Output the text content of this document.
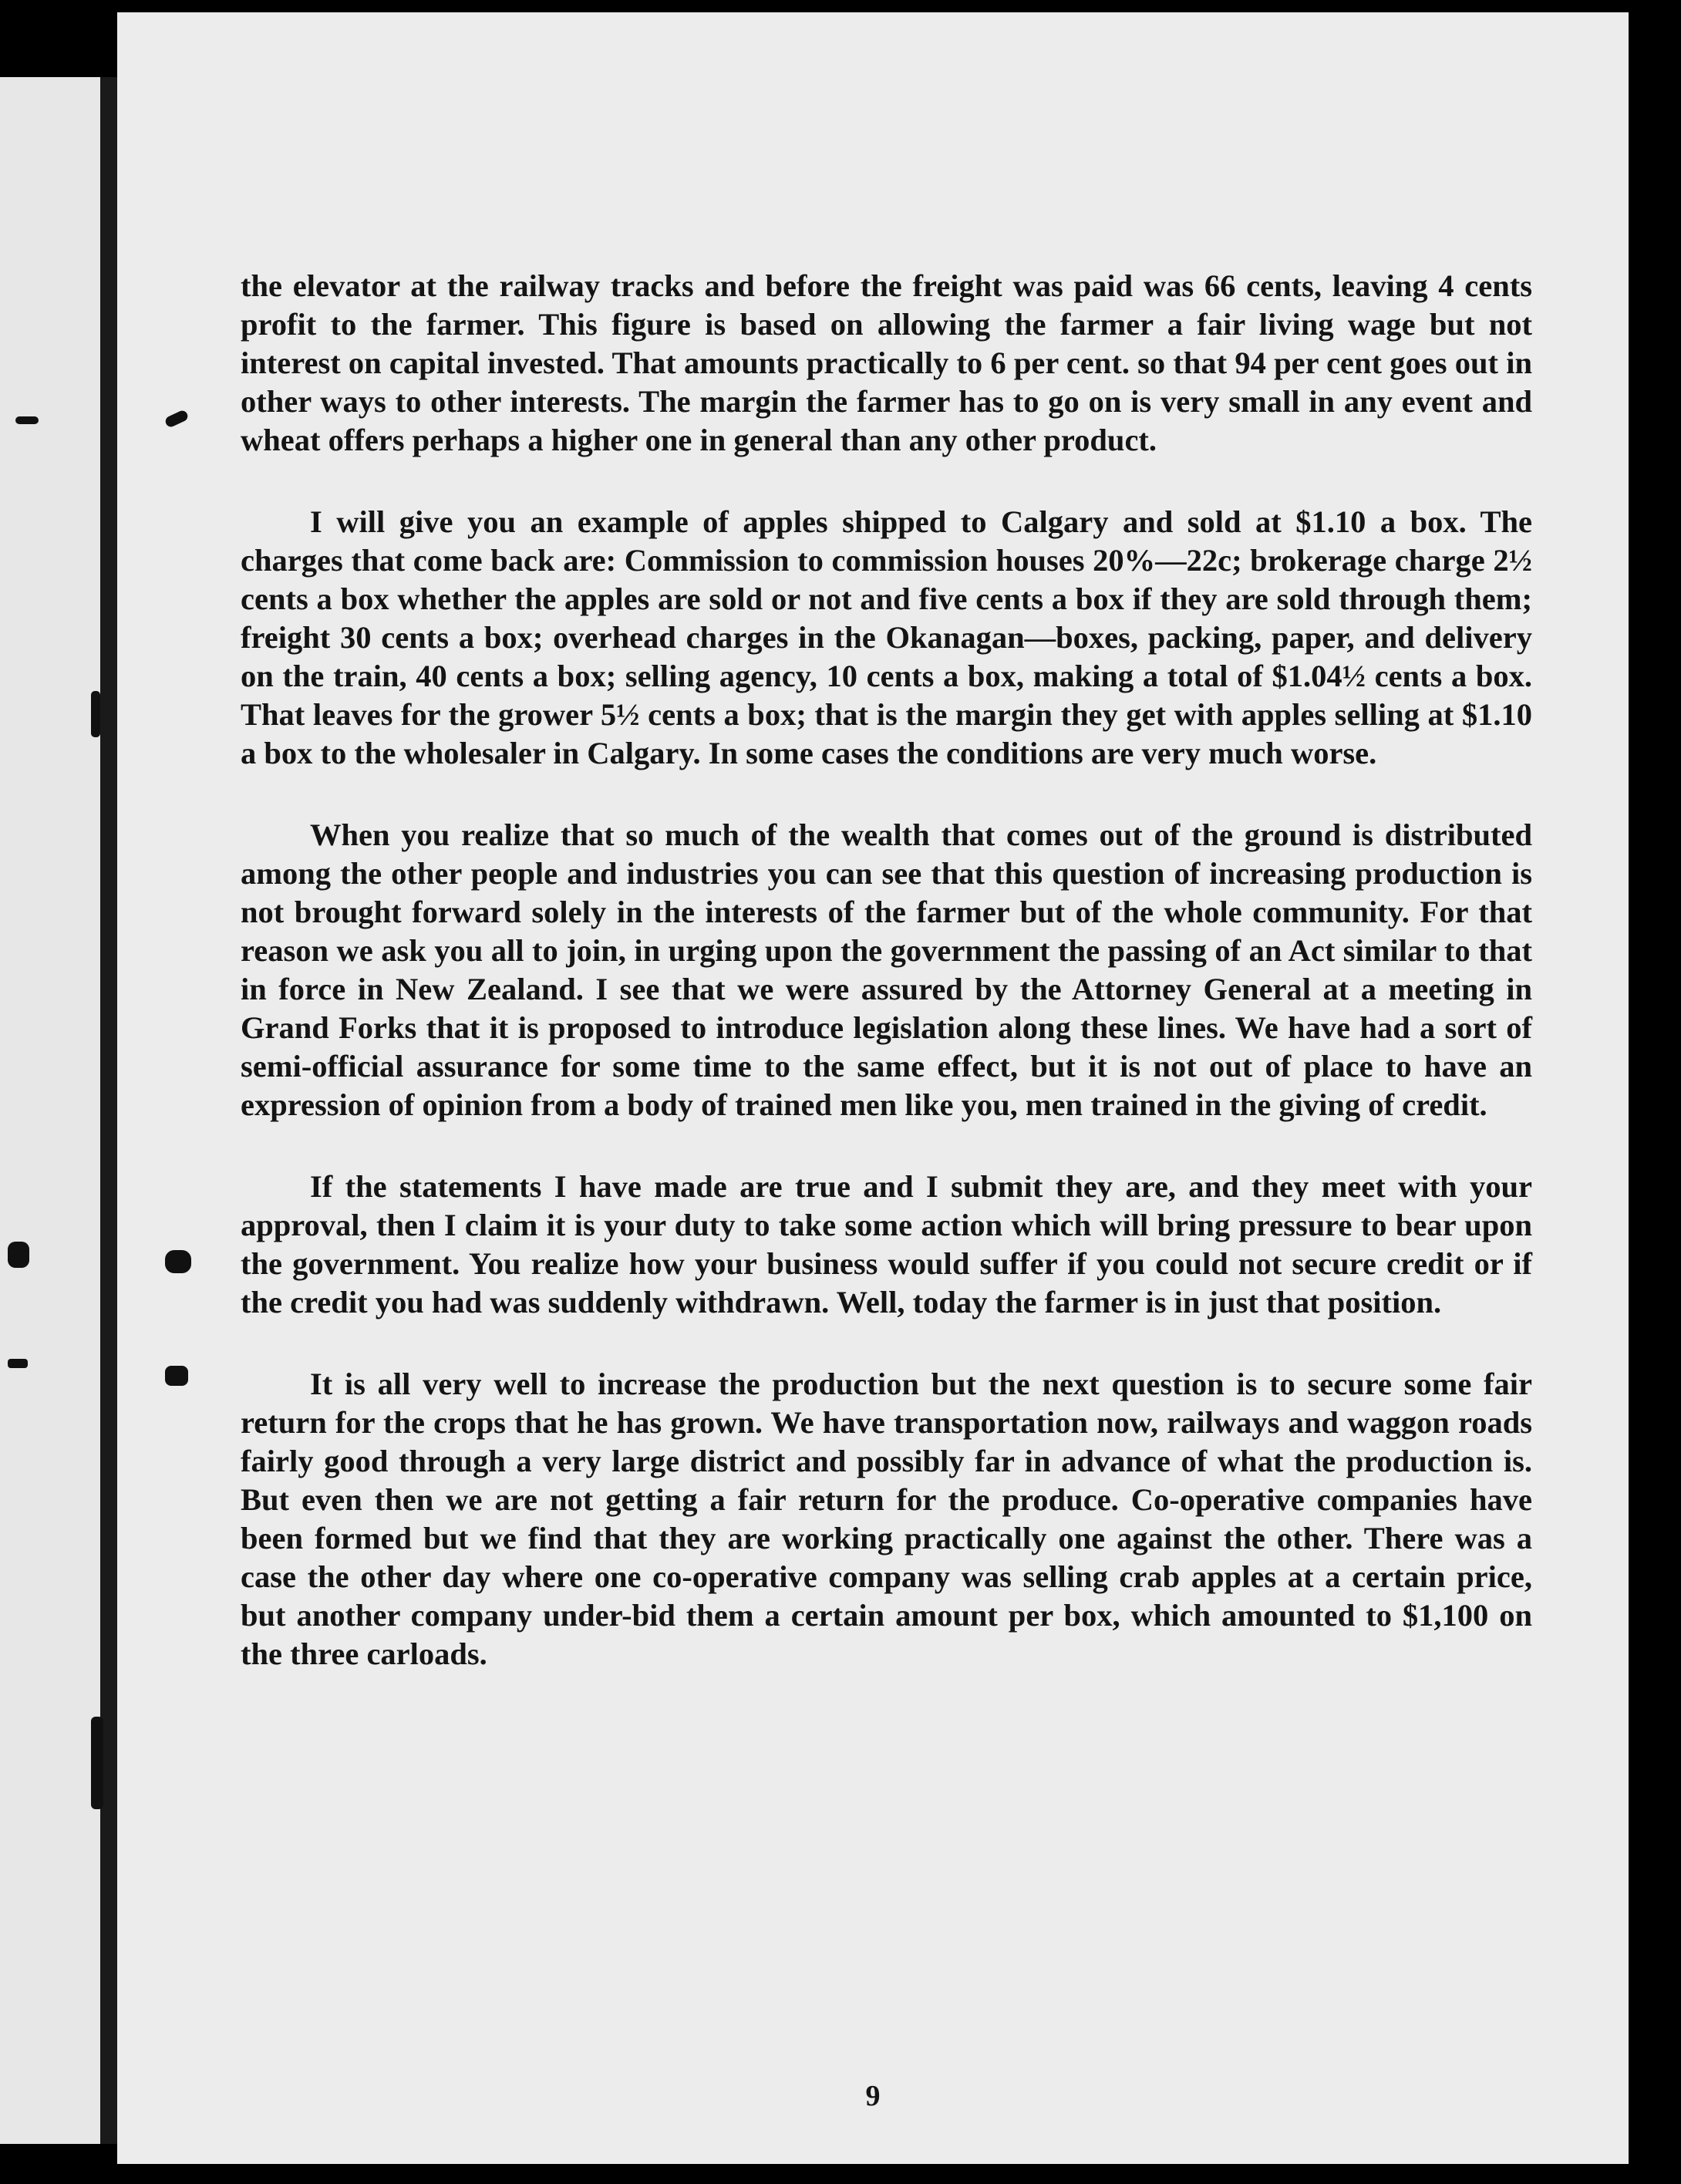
the elevator at the railway tracks and before the freight was paid was 66 cents, leaving 4 cents profit to the farmer. This figure is based on allowing the farmer a fair living wage but not interest on capital invested. That amounts practically to 6 per cent. so that 94 per cent goes out in other ways to other interests. The margin the farmer has to go on is very small in any event and wheat offers perhaps a higher one in general than any other product.

I will give you an example of apples shipped to Calgary and sold at $1.10 a box. The charges that come back are: Commission to commission houses 20%—22c; brokerage charge 2½ cents a box whether the apples are sold or not and five cents a box if they are sold through them; freight 30 cents a box; overhead charges in the Okanagan—boxes, packing, paper, and delivery on the train, 40 cents a box; selling agency, 10 cents a box, making a total of $1.04½ cents a box. That leaves for the grower 5½ cents a box; that is the margin they get with apples selling at $1.10 a box to the wholesaler in Calgary. In some cases the conditions are very much worse.

When you realize that so much of the wealth that comes out of the ground is distributed among the other people and industries you can see that this question of increasing production is not brought forward solely in the interests of the farmer but of the whole community. For that reason we ask you all to join, in urging upon the government the passing of an Act similar to that in force in New Zealand. I see that we were assured by the Attorney General at a meeting in Grand Forks that it is proposed to introduce legislation along these lines. We have had a sort of semi-official assurance for some time to the same effect, but it is not out of place to have an expression of opinion from a body of trained men like you, men trained in the giving of credit.

If the statements I have made are true and I submit they are, and they meet with your approval, then I claim it is your duty to take some action which will bring pressure to bear upon the government. You realize how your business would suffer if you could not secure credit or if the credit you had was suddenly withdrawn. Well, today the farmer is in just that position.

It is all very well to increase the production but the next question is to secure some fair return for the crops that he has grown. We have transportation now, railways and waggon roads fairly good through a very large district and possibly far in advance of what the production is. But even then we are not getting a fair return for the produce. Co-operative companies have been formed but we find that they are working practically one against the other. There was a case the other day where one co-operative company was selling crab apples at a certain price, but another company under-bid them a certain amount per box, which amounted to $1,100 on the three carloads.

9
